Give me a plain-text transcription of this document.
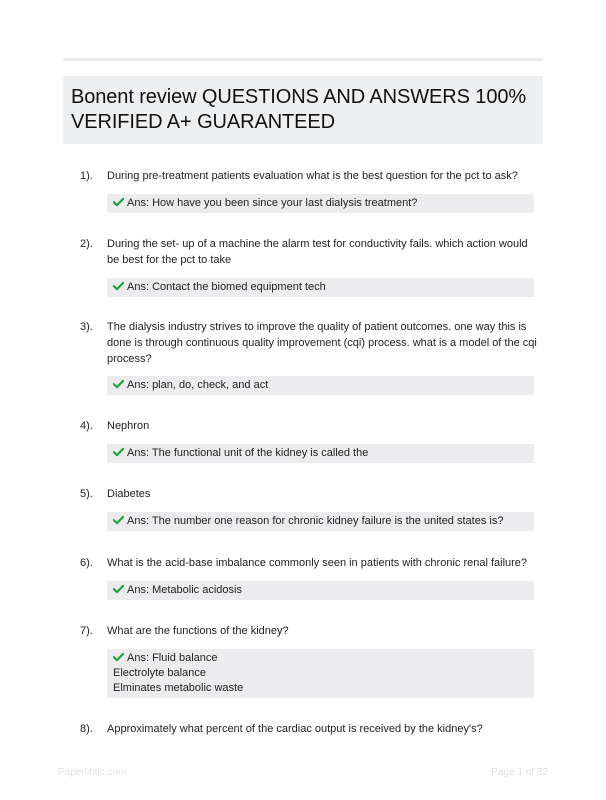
Bonent review QUESTIONS AND ANSWERS 100% VERIFIED A+ GUARANTEED
1). During pre-treatment patients evaluation what is the best question for the pct to ask?
Ans: How have you been since your last dialysis treatment?
2). During the set- up of a machine the alarm test for conductivity fails. which action would be best for the pct to take
Ans: Contact the biomed equipment tech
3). The dialysis industry strives to improve the quality of patient outcomes. one way this is done is through continuous quality improvement (cqi) process. what is a model of the cqi process?
Ans: plan, do, check, and act
4). Nephron
Ans: The functional unit of the kidney is called the
5). Diabetes
Ans: The number one reason for chronic kidney failure is the united states is?
6). What is the acid-base imbalance commonly seen in patients with chronic renal failure?
Ans: Metabolic acidosis
7). What are the functions of the kidney?
Ans: Fluid balance
Electrolyte balance
Elminates metabolic waste
8). Approximately what percent of the cardiac output is received by the kidney's?
Paperlibtic.com	Page 1 of 32
